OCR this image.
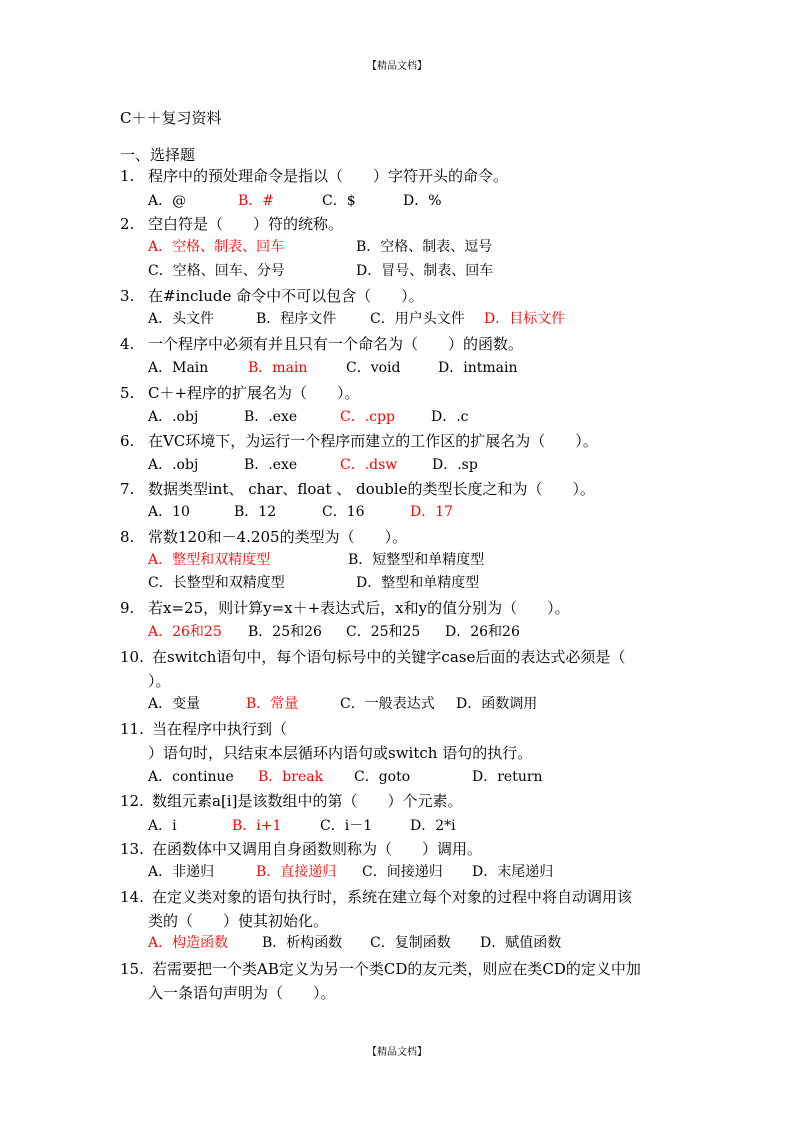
【精品文档】
C＋＋复习资料
一、选择题
1. 程序中的预处理命令是指以（　　）字符开头的命令。
A．@	B．#	C．$	D．%
2. 空白符是（　　）符的统称。
A．空格、制表、回车	B．空格、制表、逗号
C．空格、回车、分号	D．冒号、制表、回车
3. 在#include 命令中不可以包含（　　）。
A．头文件	B．程序文件 C．用户头文件 D．目标文件
4. 一个程序中必须有并且只有一个命名为（　　）的函数。
A．Main	B．main	C．void	D．intmain
5. C＋+程序的扩展名为（　　）。
A．.obj	B．.exe	C．.cpp	D．.c
6. 在VC环境下，为运行一个程序而建立的工作区的扩展名为（　　）。
A．.obj	B．.exe	C．.dsw D．.sp
7. 数据类型int、 char、float 、 double的类型长度之和为（　　）。
A．10	B．12	C．16	D．17
8. 常数120和－4.205的类型为（　　）。
A．整型和双精度型	B．短整型和单精度型
C．长整型和双精度型	D．整型和单精度型
9. 若x=25，则计算y=x＋+表达式后，x和y的值分别为（　　）。
A．26和25 B．25和26 C．25和25 D．26和26
10. 在switch语句中，每个语句标号中的关键字case后面的表达式必须是（
）。
A．变量	B．常量	C．一般表达式 D．函数调用
11. 当在程序中执行到（
）语句时，只结束本层循环内语句或switch 语句的执行。
A．continue B．break C．goto	D．return
12. 数组元素a[i]是该数组中的第（　　）个元素。
A．i	B．i+1	C．i－1	D．2*i
13. 在函数体中又调用自身函数则称为（　　）调用。
A．非递归	B．直接递归 C．间接递归 D．末尾递归
14. 在定义类对象的语句执行时，系统在建立每个对象的过程中将自动调用该
类的（　　）使其初始化。
A．构造函数 B．析构函数 C．复制函数 D．赋值函数
15. 若需要把一个类AB定义为另一个类CD的友元类，则应在类CD的定义中加
入一条语句声明为（　　）。
【精品文档】
